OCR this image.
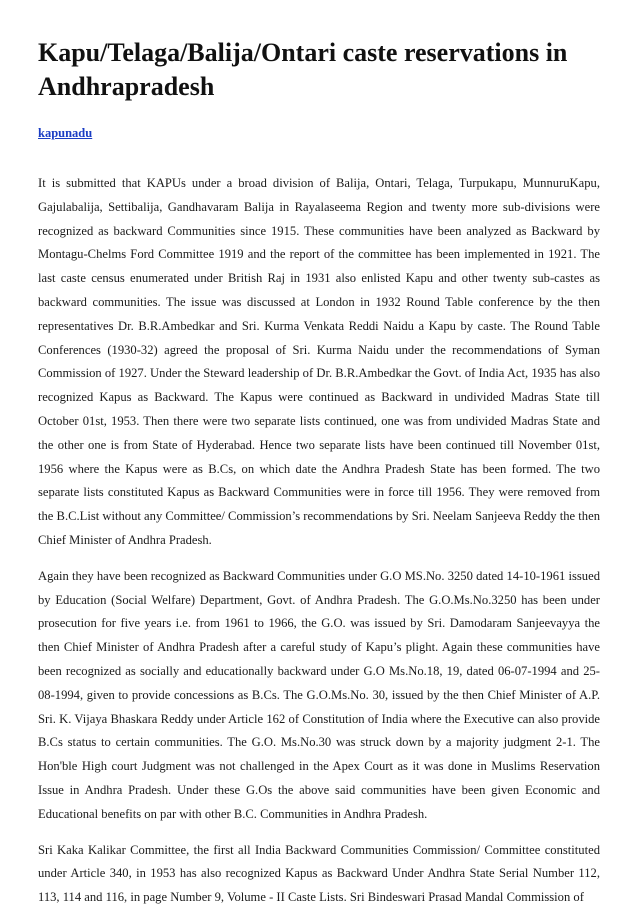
Kapu/Telaga/Balija/Ontari caste reservations in Andhrapradesh
kapunadu

It is submitted that KAPUs under a broad division of Balija, Ontari, Telaga, Turpukapu, MunnuruKapu, Gajulabalija, Settibalija, Gandhavaram Balija in Rayalaseema Region and twenty more sub-divisions were recognized as backward Communities since 1915. These communities have been analyzed as Backward by Montagu-Chelms Ford Committee 1919 and the report of the committee has been implemented in 1921. The last caste census enumerated under British Raj in 1931 also enlisted Kapu and other twenty sub-castes as backward communities. The issue was discussed at London in 1932 Round Table conference by the then representatives Dr. B.R.Ambedkar and Sri. Kurma Venkata Reddi Naidu a Kapu by caste. The Round Table Conferences (1930-32) agreed the proposal of Sri. Kurma Naidu under the recommendations of Syman Commission of 1927. Under the Steward leadership of Dr. B.R.Ambedkar the Govt. of India Act, 1935 has also recognized Kapus as Backward. The Kapus were continued as Backward in undivided Madras State till October 01st, 1953. Then there were two separate lists continued, one was from undivided Madras State and the other one is from State of Hyderabad. Hence two separate lists have been continued till November 01st, 1956 where the Kapus were as B.Cs, on which date the Andhra Pradesh State has been formed. The two separate lists constituted Kapus as Backward Communities were in force till 1956. They were removed from the B.C.List without any Committee/ Commission’s recommendations by Sri. Neelam Sanjeeva Reddy the then Chief Minister of Andhra Pradesh.

Again they have been recognized as Backward Communities under G.O MS.No. 3250 dated 14-10-1961 issued by Education (Social Welfare) Department, Govt. of Andhra Pradesh. The G.O.Ms.No.3250 has been under prosecution for five years i.e. from 1961 to 1966, the G.O. was issued by Sri. Damodaram Sanjeevayya the then Chief Minister of Andhra Pradesh after a careful study of Kapu’s plight. Again these communities have been recognized as socially and educationally backward under G.O Ms.No.18, 19, dated 06-07-1994 and 25-08-1994, given to provide concessions as B.Cs. The G.O.Ms.No. 30, issued by the then Chief Minister of A.P. Sri. K. Vijaya Bhaskara Reddy under Article 162 of Constitution of India where the Executive can also provide B.Cs status to certain communities. The G.O. Ms.No.30 was struck down by a majority judgment 2-1. The Hon'ble High court Judgment was not challenged in the Apex Court as it was done in Muslims Reservation Issue in Andhra Pradesh. Under these G.Os the above said communities have been given Economic and Educational benefits on par with other B.C. Communities in Andhra Pradesh.

Sri Kaka Kalikar Committee, the first all India Backward Communities Commission/ Committee constituted under Article 340, in 1953 has also recognized Kapus as Backward Under Andhra State Serial Number 112, 113, 114 and 116, in page Number 9, Volume - II Caste Lists. Sri Bindeswari Prasad Mandal Commission of
